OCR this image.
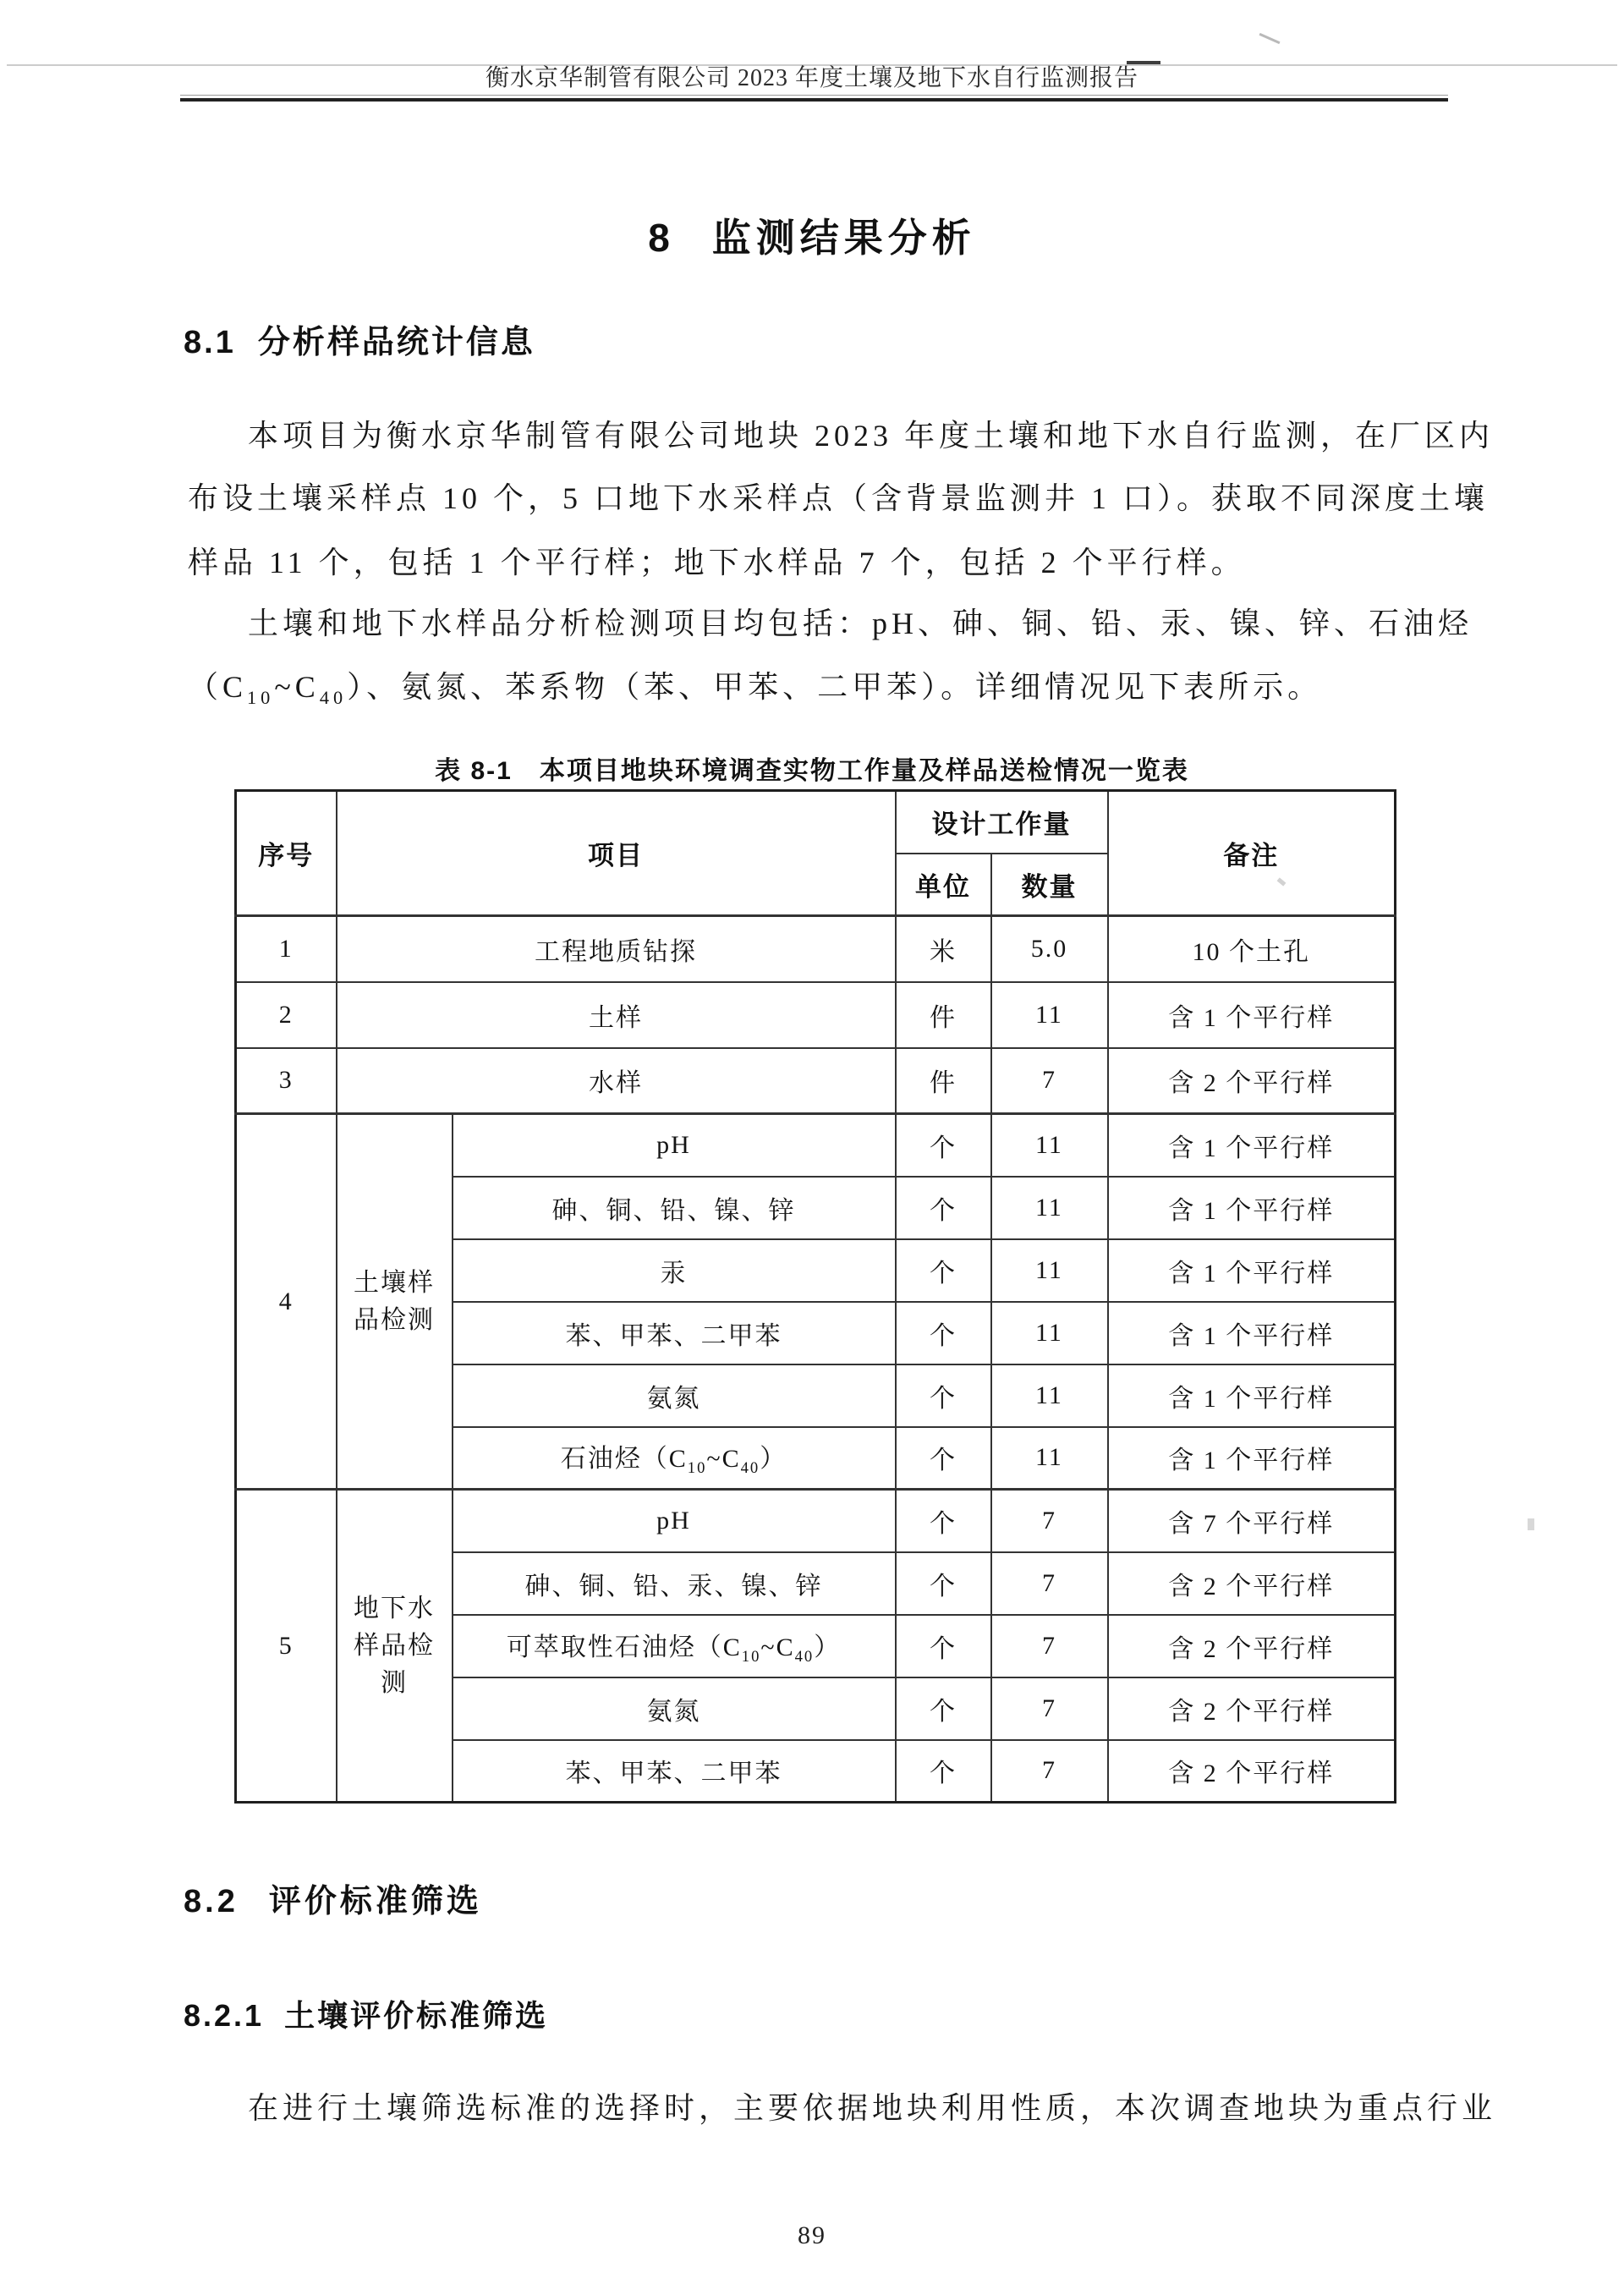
衡水京华制管有限公司 2023 年度土壤及地下水自行监测报告
8 监测结果分析
8.1 分析样品统计信息
本项目为衡水京华制管有限公司地块 2023 年度土壤和地下水自行监测，在厂区内
布设土壤采样点 10 个，5 口地下水采样点（含背景监测井 1 口）。获取不同深度土壤
样品 11 个，包括 1 个平行样；地下水样品 7 个，包括 2 个平行样。
土壤和地下水样品分析检测项目均包括：pH、砷、铜、铅、汞、镍、锌、石油烃
$(C_{10}\sim C_{40})$、氨氮、苯系物（苯、甲苯、二甲苯）。详细情况见下表所示。
表 8-1　本项目地块环境调查实物工作量及样品送检情况一览表
序号	项目		设计工作量		备注
			单位	数量	
1	工程地质钻探		米	5.0	10 个土孔
2	土样		件	11	含 1 个平行样
3	水样		件	7	含 2 个平行样
4	土壤样品检测	pH	个	11	含 1 个平行样
		砷、铜、铅、镍、锌	个	11	含 1 个平行样
		汞	个	11	含 1 个平行样
		苯、甲苯、二甲苯	个	11	含 1 个平行样
		氨氮	个	11	含 1 个平行样
		石油烃$(C_{10}\sim C_{40})$	个	11	含 1 个平行样
5	地下水样品检测	pH	个	7	含 7 个平行样
		砷、铜、铅、汞、镍、锌	个	7	含 2 个平行样
		可萃取性石油烃$(C_{10}\sim C_{40})$	个	7	含 2 个平行样
		氨氮	个	7	含 2 个平行样
		苯、甲苯、二甲苯	个	7	含 2 个平行样
8.2 评价标准筛选
8.2.1 土壤评价标准筛选
在进行土壤筛选标准的选择时，主要依据地块利用性质，本次调查地块为重点行业
89
